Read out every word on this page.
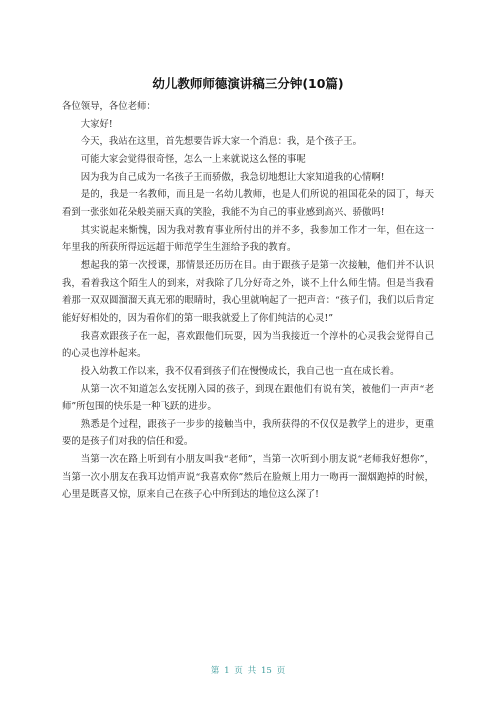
幼儿教师师德演讲稿三分钟(10篇)

各位领导，各位老师：

大家好!

今天，我站在这里，首先想要告诉大家一个消息：我，是个孩子王。

可能大家会觉得很奇怪，怎么一上来就说这么怪的事呢

因为我为自己成为一名孩子王而骄傲，我急切地想让大家知道我的心情啊!

是的，我是一名教师，而且是一名幼儿教师，也是人们所说的祖国花朵的园丁，每天看到一张张如花朵般美丽天真的笑脸，我能不为自己的事业感到高兴、骄傲吗!

其实说起来惭愧，因为我对教育事业所付出的并不多，我参加工作才一年，但在这一年里我的所获所得远远超于师范学生生涯给予我的教育。

想起我的第一次授课，那情景还历历在目。由于跟孩子是第一次接触，他们并不认识我，看着我这个陌生人的到来，对我除了几分好奇之外，谈不上什么师生情。但是当我看着那一双双圆溜溜天真无邪的眼睛时，我心里就响起了一把声音：“孩子们，我们以后肯定能好好相处的，因为看你们的第一眼我就爱上了你们纯洁的心灵!”

我喜欢跟孩子在一起，喜欢跟他们玩耍，因为当我接近一个淳朴的心灵我会觉得自己的心灵也淳朴起来。

投入幼教工作以来，我不仅看到孩子们在慢慢成长，我自己也一直在成长着。

从第一次不知道怎么安抚刚入园的孩子，到现在跟他们有说有笑，被他们一声声“老师”所包围的快乐是一种飞跃的进步。

熟悉是个过程，跟孩子一步步的接触当中，我所获得的不仅仅是教学上的进步，更重要的是孩子们对我的信任和爱。

当第一次在路上听到有小朋友叫我“老师”，当第一次听到小朋友说“老师我好想你”，当第一次小朋友在我耳边悄声说“我喜欢你”然后在脸颊上用力一吻再一溜烟跑掉的时候，心里是既喜又惊，原来自己在孩子心中所到达的地位这么深了!

第 1 页 共 15 页
